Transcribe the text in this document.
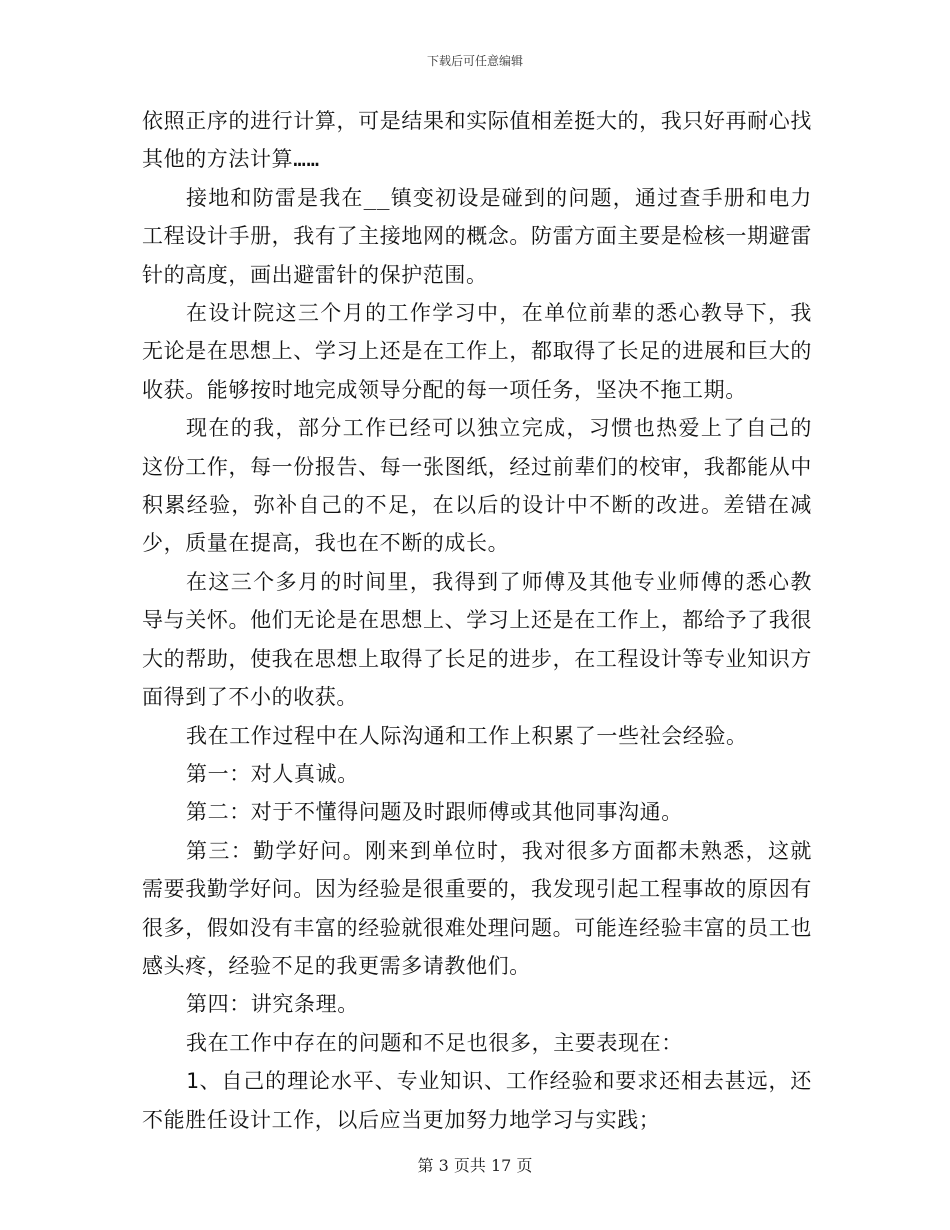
下载后可任意编辑

依照正序的进行计算，可是结果和实际值相差挺大的，我只好再耐心找其他的方法计算……

接地和防雷是我在__镇变初设是碰到的问题，通过查手册和电力工程设计手册，我有了主接地网的概念。防雷方面主要是检核一期避雷针的高度，画出避雷针的保护范围。

在设计院这三个月的工作学习中，在单位前辈的悉心教导下，我无论是在思想上、学习上还是在工作上，都取得了长足的进展和巨大的收获。能够按时地完成领导分配的每一项任务，坚决不拖工期。

现在的我，部分工作已经可以独立完成，习惯也热爱上了自己的这份工作，每一份报告、每一张图纸，经过前辈们的校审，我都能从中积累经验，弥补自己的不足，在以后的设计中不断的改进。差错在减少，质量在提高，我也在不断的成长。

在这三个多月的时间里，我得到了师傅及其他专业师傅的悉心教导与关怀。他们无论是在思想上、学习上还是在工作上，都给予了我很大的帮助，使我在思想上取得了长足的进步，在工程设计等专业知识方面得到了不小的收获。

我在工作过程中在人际沟通和工作上积累了一些社会经验。

第一：对人真诚。

第二：对于不懂得问题及时跟师傅或其他同事沟通。

第三：勤学好问。刚来到单位时，我对很多方面都未熟悉，这就需要我勤学好问。因为经验是很重要的，我发现引起工程事故的原因有很多，假如没有丰富的经验就很难处理问题。可能连经验丰富的员工也感头疼，经验不足的我更需多请教他们。

第四：讲究条理。

我在工作中存在的问题和不足也很多，主要表现在：

1、自己的理论水平、专业知识、工作经验和要求还相去甚远，还不能胜任设计工作，以后应当更加努力地学习与实践；

第 3 页共 17 页
